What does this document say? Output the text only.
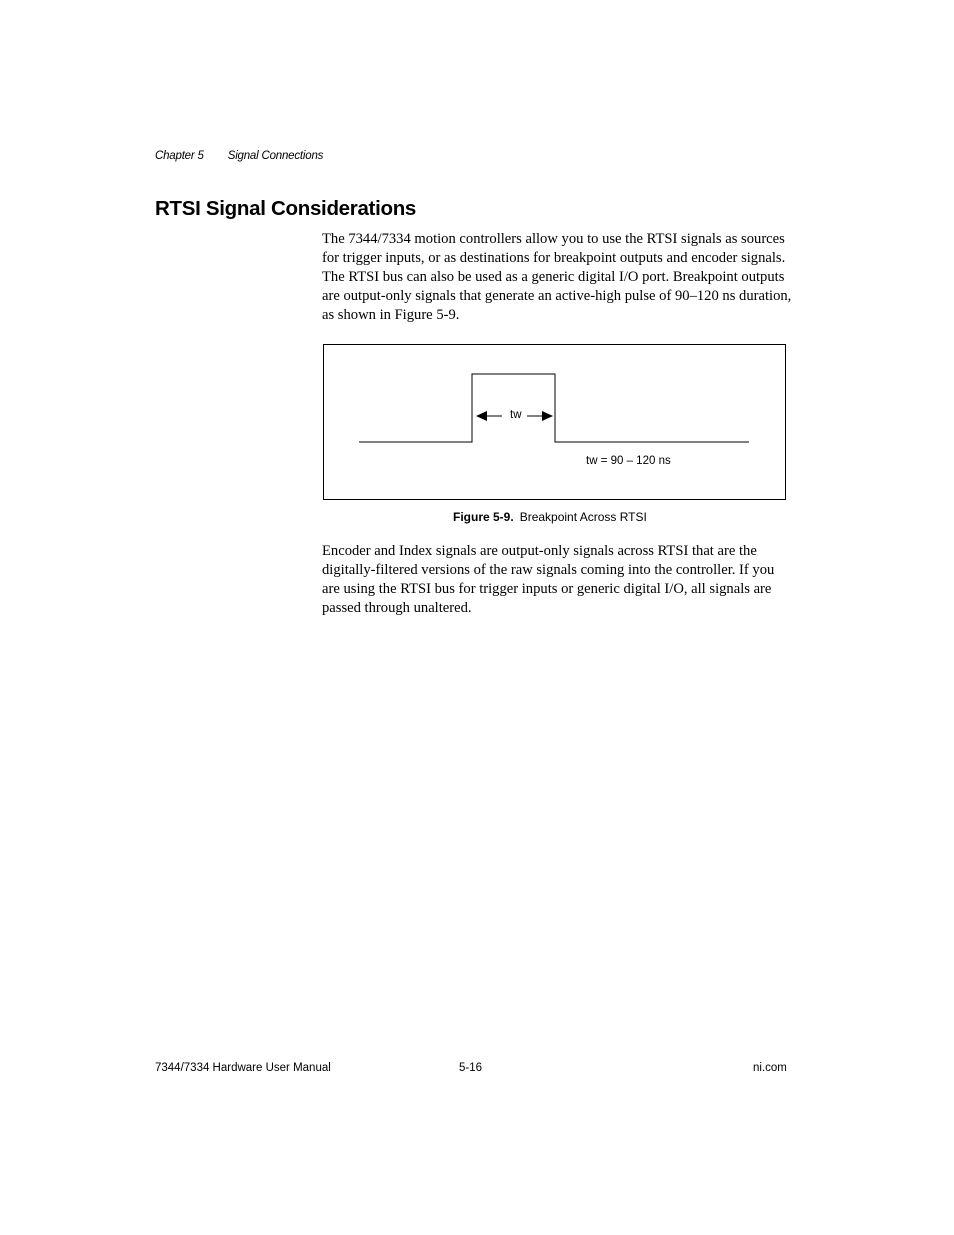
Chapter 5 Signal Connections
RTSI Signal Considerations

The 7344/7334 motion controllers allow you to use the RTSI signals as sources for trigger inputs, or as destinations for breakpoint outputs and encoder signals. The RTSI bus can also be used as a generic digital I/O port. Breakpoint outputs are output-only signals that generate an active-high pulse of 90–120 ns duration, as shown in Figure 5-9.

tw
tw = 90 – 120 ns
Figure 5-9. Breakpoint Across RTSI

Encoder and Index signals are output-only signals across RTSI that are the digitally-filtered versions of the raw signals coming into the controller. If you are using the RTSI bus for trigger inputs or generic digital I/O, all signals are passed through unaltered.

7344/7334 Hardware User Manual	5-16	ni.com
